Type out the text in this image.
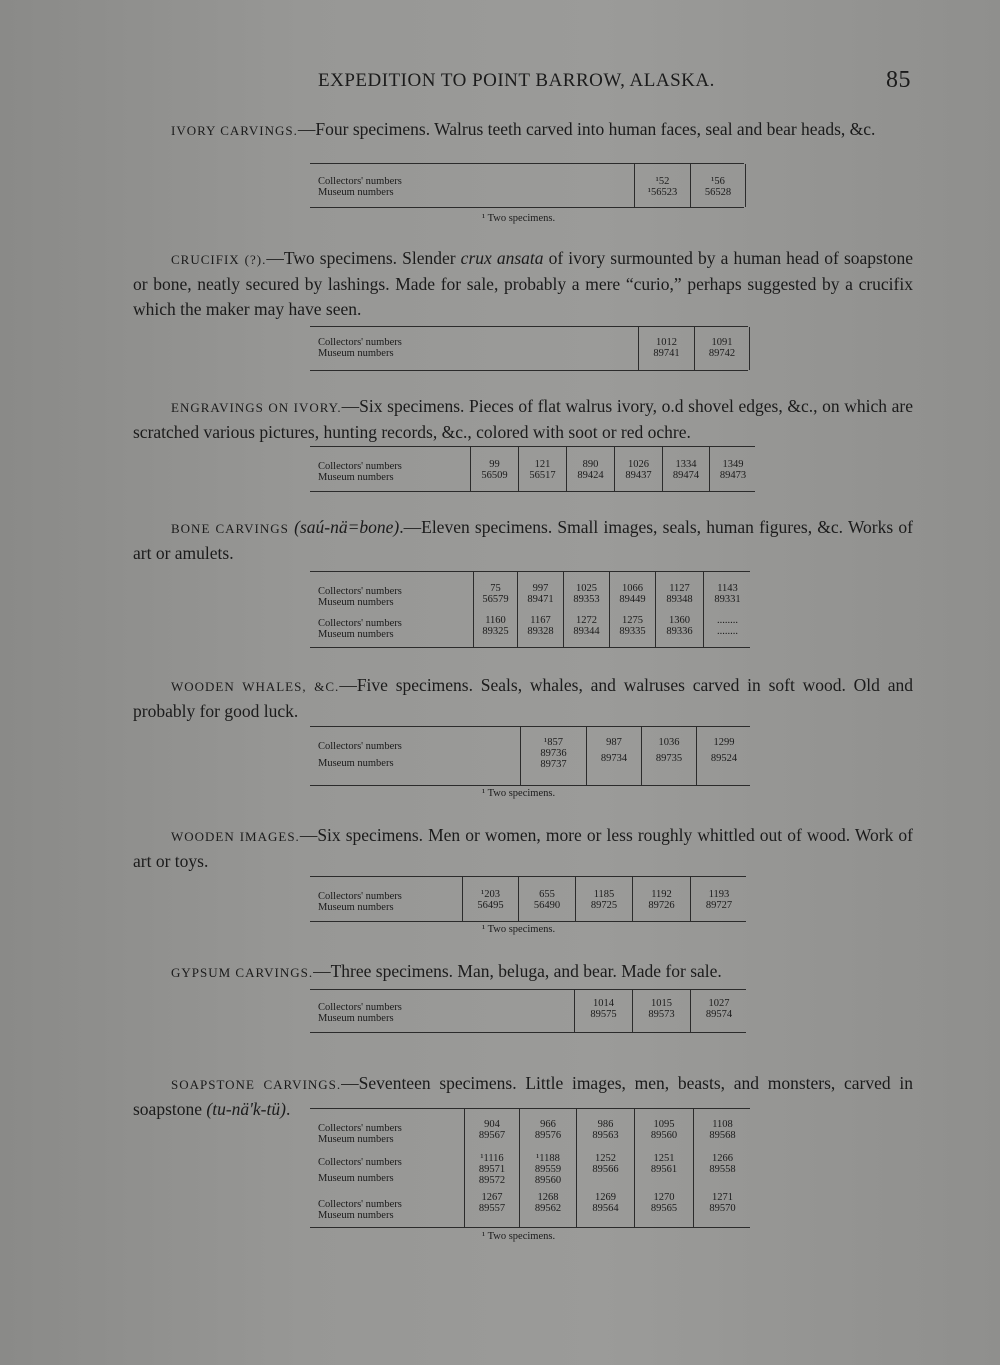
EXPEDITION TO POINT BARROW, ALASKA.	85
IVORY CARVINGS.—Four specimens. Walrus teeth carved into human faces, seal and bear heads, &c.
Collectors' numbers
Museum numbers
¹52
¹56523
¹56
56528
¹ Two specimens.
CRUCIFIX (?).—Two specimens. Slender crux ansata of ivory surmounted by a human head of soapstone or bone, neatly secured by lashings. Made for sale, probably a mere “curio,” perhaps suggested by a crucifix which the maker may have seen.
Collectors' numbers
Museum numbers
1012
89741
1091
89742
ENGRAVINGS ON IVORY.—Six specimens. Pieces of flat walrus ivory, o.d shovel edges, &c., on which are scratched various pictures, hunting records, &c., colored with soot or red ochre.
Collectors' numbers
Museum numbers
99
56509
121
56517
890
89424
1026
89437
1334
89474
1349
89473
BONE CARVINGS (saú-nä=bone).—Eleven specimens. Small images, seals, human figures, &c. Works of art or amulets.
Collectors' numbers
Museum numbers
Collectors' numbers
Museum numbers
75
56579
1160
89325
997
89471
1167
89328
1025
89353
1272
89344
1066
89449
1275
89335
1127
89348
1360
89336
1143
89331
........
........
WOODEN WHALES, &C.—Five specimens. Seals, whales, and walruses carved in soft wood. Old and probably for good luck.
Collectors' numbers
Museum numbers
¹857
89736
89737
987
89734
1036
89735
1299
89524
¹ Two specimens.
WOODEN IMAGES.—Six specimens. Men or women, more or less roughly whittled out of wood. Work of art or toys.
Collectors' numbers
Museum numbers
¹203
56495
655
56490
1185
89725
1192
89726
1193
89727
¹ Two specimens.
GYPSUM CARVINGS.—Three specimens. Man, beluga, and bear. Made for sale.
Collectors' numbers
Museum numbers
1014
89575
1015
89573
1027
89574
SOAPSTONE CARVINGS.—Seventeen specimens. Little images, men, beasts, and monsters, carved in soapstone (tu-nä'k-tü).
Collectors' numbers
Museum numbers
Collectors' numbers
Museum numbers
Collectors' numbers
Museum numbers
904
89567
¹1116
89571
89572
1267
89557
966
89576
¹1188
89559
89560
1268
89562
986
89563
1252
89566
1269
89564
1095
89560
1251
89561
1270
89565
1108
89568
1266
89558
1271
89570
¹ Two specimens.
